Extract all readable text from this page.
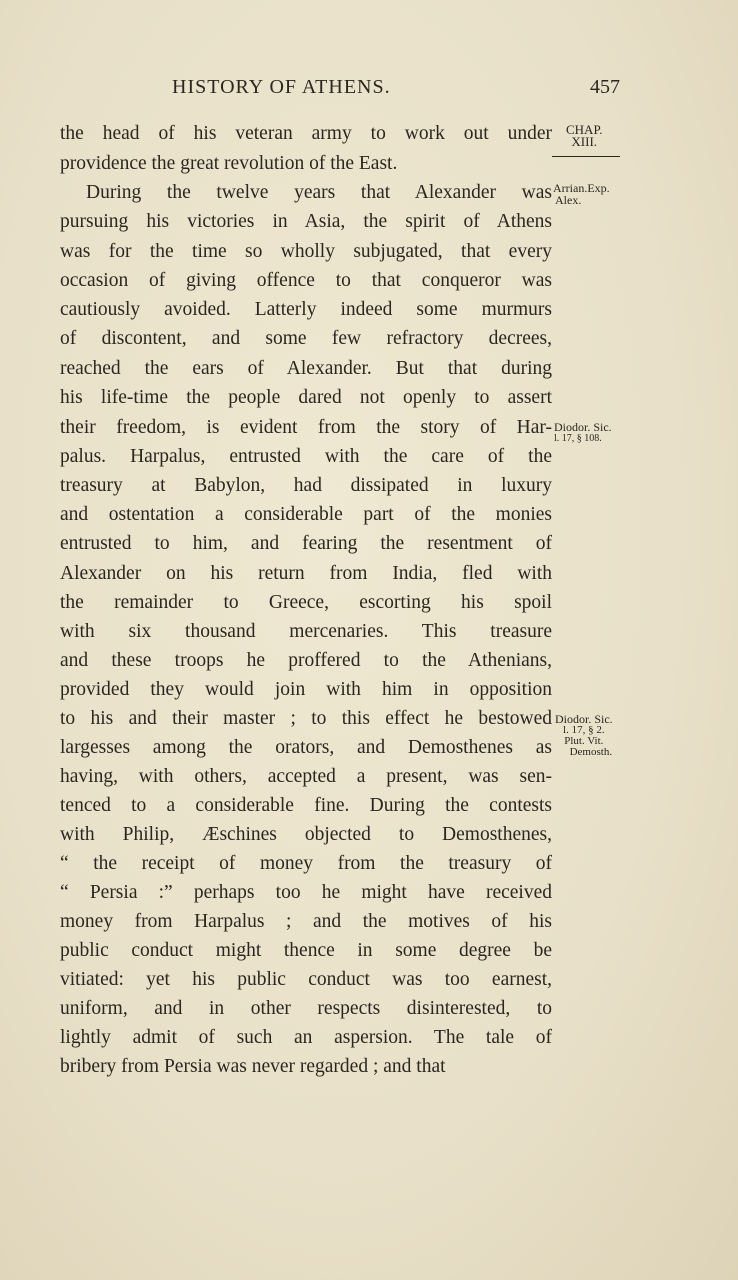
HISTORY OF ATHENS.	457
the head of his veteran army to work out under
providence the great revolution of the East.
During the twelve years that Alexander was
pursuing his victories in Asia, the spirit of Athens
was for the time so wholly subjugated, that every
occasion of giving offence to that conqueror was
cautiously avoided. Latterly indeed some murmurs
of discontent, and some few refractory decrees,
reached the ears of Alexander. But that during
his life-time the people dared not openly to assert
their freedom, is evident from the story of Har-
palus. Harpalus, entrusted with the care of the
treasury at Babylon, had dissipated in luxury
and ostentation a considerable part of the monies
entrusted to him, and fearing the resentment of
Alexander on his return from India, fled with
the remainder to Greece, escorting his spoil
with six thousand mercenaries. This treasure
and these troops he proffered to the Athenians,
provided they would join with him in opposition
to his and their master ; to this effect he bestowed
largesses among the orators, and Demosthenes as
having, with others, accepted a present, was sen-
tenced to a considerable fine. During the contests
with Philip, Æschines objected to Demosthenes,
“ the receipt of money from the treasury of
“ Persia :” perhaps too he might have received
money from Harpalus ; and the motives of his
public conduct might thence in some degree be
vitiated: yet his public conduct was too earnest,
uniform, and in other respects disinterested, to
lightly admit of such an aspersion. The tale of
bribery from Persia was never regarded ; and that
CHAP.
XIII.
Arrian.Exp.
Alex.
Diodor. Sic.
l. 17, § 108.
Diodor. Sic.
l. 17, § 2.
Plut. Vit.
Demosth.
